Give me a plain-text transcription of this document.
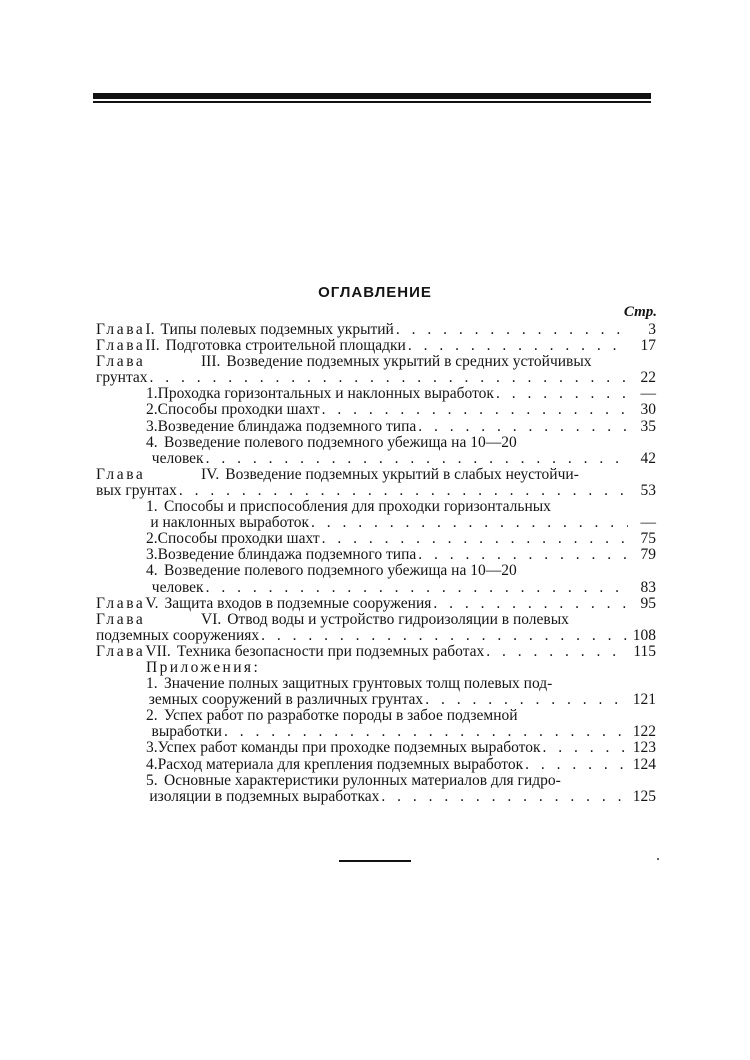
ОГЛАВЛЕНИЕ
Стр.
Глава I. Типы полевых подземных укрытий . . .	3
Глава II. Подготовка строительной площадки . . .	17
Глава	III. Возведение подземных укрытий в средних устойчивых
грунтах . . .	22
1. Проходка горизонтальных и наклонных выработок . . .	—
2. Способы проходки шахт . . .	30
3. Возведение блиндажа подземного типа . . .	35
4. Возведение полевого подземного убежища на 10—20
человек . . .	42
Глава	IV. Возведение подземных укрытий в слабых неустойчи-
вых грунтах . . .	53
1. Способы и приспособления для проходки горизонтальных
и наклонных выработок . . .	—
2. Способы проходки шахт . . .	75
3. Возведение блиндажа подземного типа . . .	79
4. Возведение полевого подземного убежища на 10—20
человек . . .	83
Глава V. Защита входов в подземные сооружения . . .	95
Глава	VI. Отвод воды и устройство гидроизоляции в полевых
подземных сооружениях . . .	108
Глава VII. Техника безопасности при подземных работах . . .	115
Приложения:
1. Значение полных защитных грунтовых толщ полевых под-
земных сооружений в различных грунтах . . .	121
2. Успех работ по разработке породы в забое подземной
выработки . . .	122
3. Успех работ команды при проходке подземных выработок . . .	123
4. Расход материала для крепления подземных выработок . . .	124
5. Основные характеристики рулонных материалов для гидро-
изоляции в подземных выработках . . .	125
